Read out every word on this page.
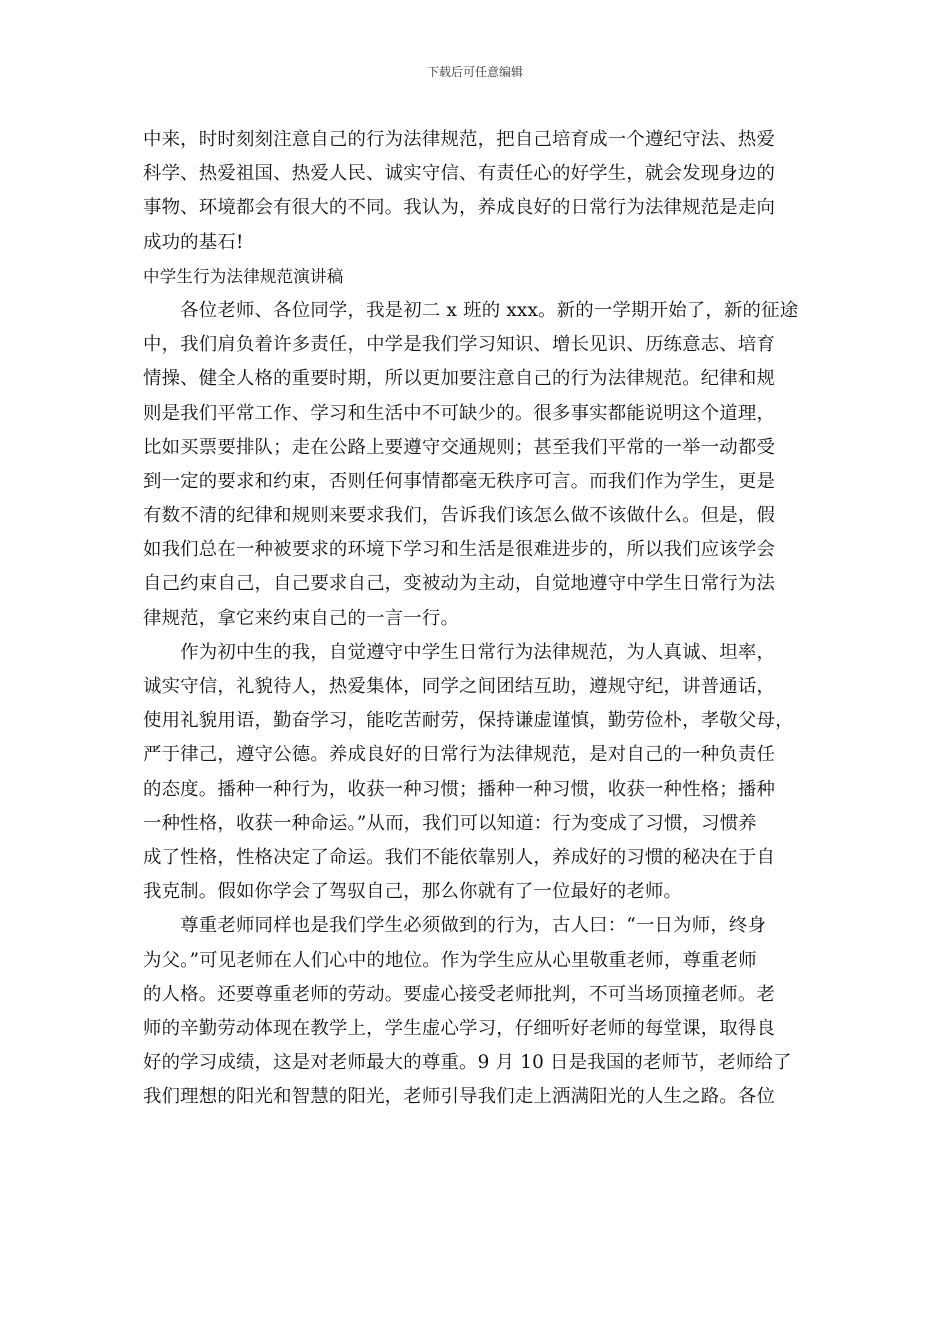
下载后可任意编辑
中来，时时刻刻注意自己的行为法律规范，把自己培育成一个遵纪守法、热爱
科学、热爱祖国、热爱人民、诚实守信、有责任心的好学生，就会发现身边的
事物、环境都会有很大的不同。我认为，养成良好的日常行为法律规范是走向
成功的基石!
中学生行为法律规范演讲稿
　　各位老师、各位同学，我是初二 x 班的 xxx。新的一学期开始了，新的征途
中，我们肩负着许多责任，中学是我们学习知识、增长见识、历练意志、培育
情操、健全人格的重要时期，所以更加要注意自己的行为法律规范。纪律和规
则是我们平常工作、学习和生活中不可缺少的。很多事实都能说明这个道理，
比如买票要排队；走在公路上要遵守交通规则；甚至我们平常的一举一动都受
到一定的要求和约束，否则任何事情都毫无秩序可言。而我们作为学生，更是
有数不清的纪律和规则来要求我们，告诉我们该怎么做不该做什么。但是，假
如我们总在一种被要求的环境下学习和生活是很难进步的，所以我们应该学会
自己约束自己，自己要求自己，变被动为主动，自觉地遵守中学生日常行为法
律规范，拿它来约束自己的一言一行。
　　作为初中生的我，自觉遵守中学生日常行为法律规范，为人真诚、坦率，
诚实守信，礼貌待人，热爱集体，同学之间团结互助，遵规守纪，讲普通话，
使用礼貌用语，勤奋学习，能吃苦耐劳，保持谦虚谨慎，勤劳俭朴，孝敬父母，
严于律己，遵守公德。养成良好的日常行为法律规范，是对自己的一种负责任
的态度。播种一种行为，收获一种习惯；播种一种习惯，收获一种性格；播种
一种性格，收获一种命运。”从而，我们可以知道：行为变成了习惯，习惯养
成了性格，性格决定了命运。我们不能依靠别人，养成好的习惯的秘决在于自
我克制。假如你学会了驾驭自己，那么你就有了一位最好的老师。
　　尊重老师同样也是我们学生必须做到的行为，古人曰：“一日为师，终身
为父。”可见老师在人们心中的地位。作为学生应从心里敬重老师，尊重老师
的人格。还要尊重老师的劳动。要虚心接受老师批判，不可当场顶撞老师。老
师的辛勤劳动体现在教学上，学生虚心学习，仔细听好老师的每堂课，取得良
好的学习成绩，这是对老师最大的尊重。9 月 10 日是我国的老师节，老师给了
我们理想的阳光和智慧的阳光，老师引导我们走上洒满阳光的人生之路。各位
